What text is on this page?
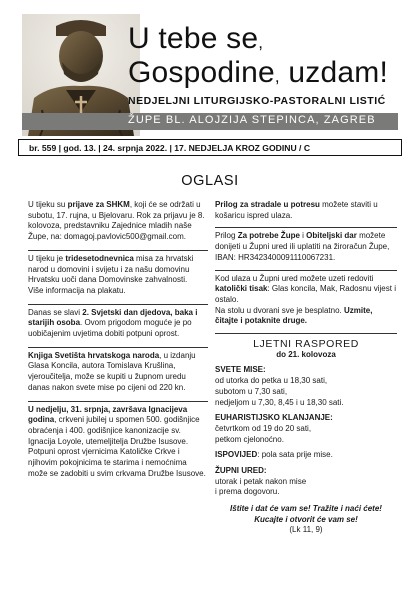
U tebe se,
Gospodine, uzdam!
NEDJELJNI LITURGIJSKO-PASTORALNI LISTIĆ
ŽUPE BL. ALOJZIJA STEPINCA, ZAGREB
br. 559 | god. 13. | 24. srpnja 2022. | 17. NEDJELJA KROZ GODINU / C
OGLASI
U tijeku su prijave za SHKM, koji će se održati u subotu, 17. rujna, u Bjelovaru. Rok za prijavu je 8. kolovoza, predstavniku Zajednice mladih naše Župe, na: domagoj.pavlovic500@gmail.com.
U tijeku je tridesetodnevnica misa za hrvatski narod u domovini i svijetu i za našu domovinu Hrvatsku uoči dana Domovinske zahvalnosti.
Više informacija na plakatu.
Danas se slavi 2. Svjetski dan djedova, baka i starijih osoba. Ovom prigodom moguće je po uobičajenim uvjetima dobiti potpuni oprost.
Knjiga Svetišta hrvatskoga naroda, u izdanju Glasa Koncila, autora Tomislava Krušlina, vjeroučitelja, može se kupiti u župnom uredu danas nakon svete mise po cijeni od 220 kn.
U nedjelju, 31. srpnja, završava Ignacijeva godina, crkveni jubilej u spomen 500. godišnjice obraćenja i 400. godišnjice kanonizacije sv. Ignacija Loyole, utemeljitelja Družbe Isusove.
Potpuni oprost vjernicima Katoličke Crkve i njihovim pokojnicima te starima i nemoćnima može se zadobiti u svim crkvama Družbe Isusove.
Prilog za stradale u potresu možete staviti u košaricu ispred ulaza.
Prilog Za potrebe Župe i Obiteljski dar možete donijeti u Župni ured ili uplatiti na žiroračun Župe, IBAN: HR3423400091110067231.
Kod ulaza u Župni ured možete uzeti redoviti katolički tisak: Glas koncila, Mak, Radosnu vijest i ostalo.
Na stolu u dvorani sve je besplatno. Uzmite, čitajte i potaknite druge.
LJETNI RASPORED
do 21. kolovoza
SVETE MISE:
od utorka do petka u 18,30 sati,
subotom u 7,30 sati,
nedjeljom u 7,30, 8,45 i u 18,30 sati.
EUHARISTIJSKO KLANJANJE:
četvrtkom od 19 do 20 sati,
petkom cjelonoćno.
ISPOVIJED: pola sata prije mise.
ŽUPNI URED:
utorak i petak nakon mise
i prema dogovoru.
Ištite i dat će vam se! Tražite i naći ćete!
Kucajte i otvorit će vam se!
(Lk 11, 9)
